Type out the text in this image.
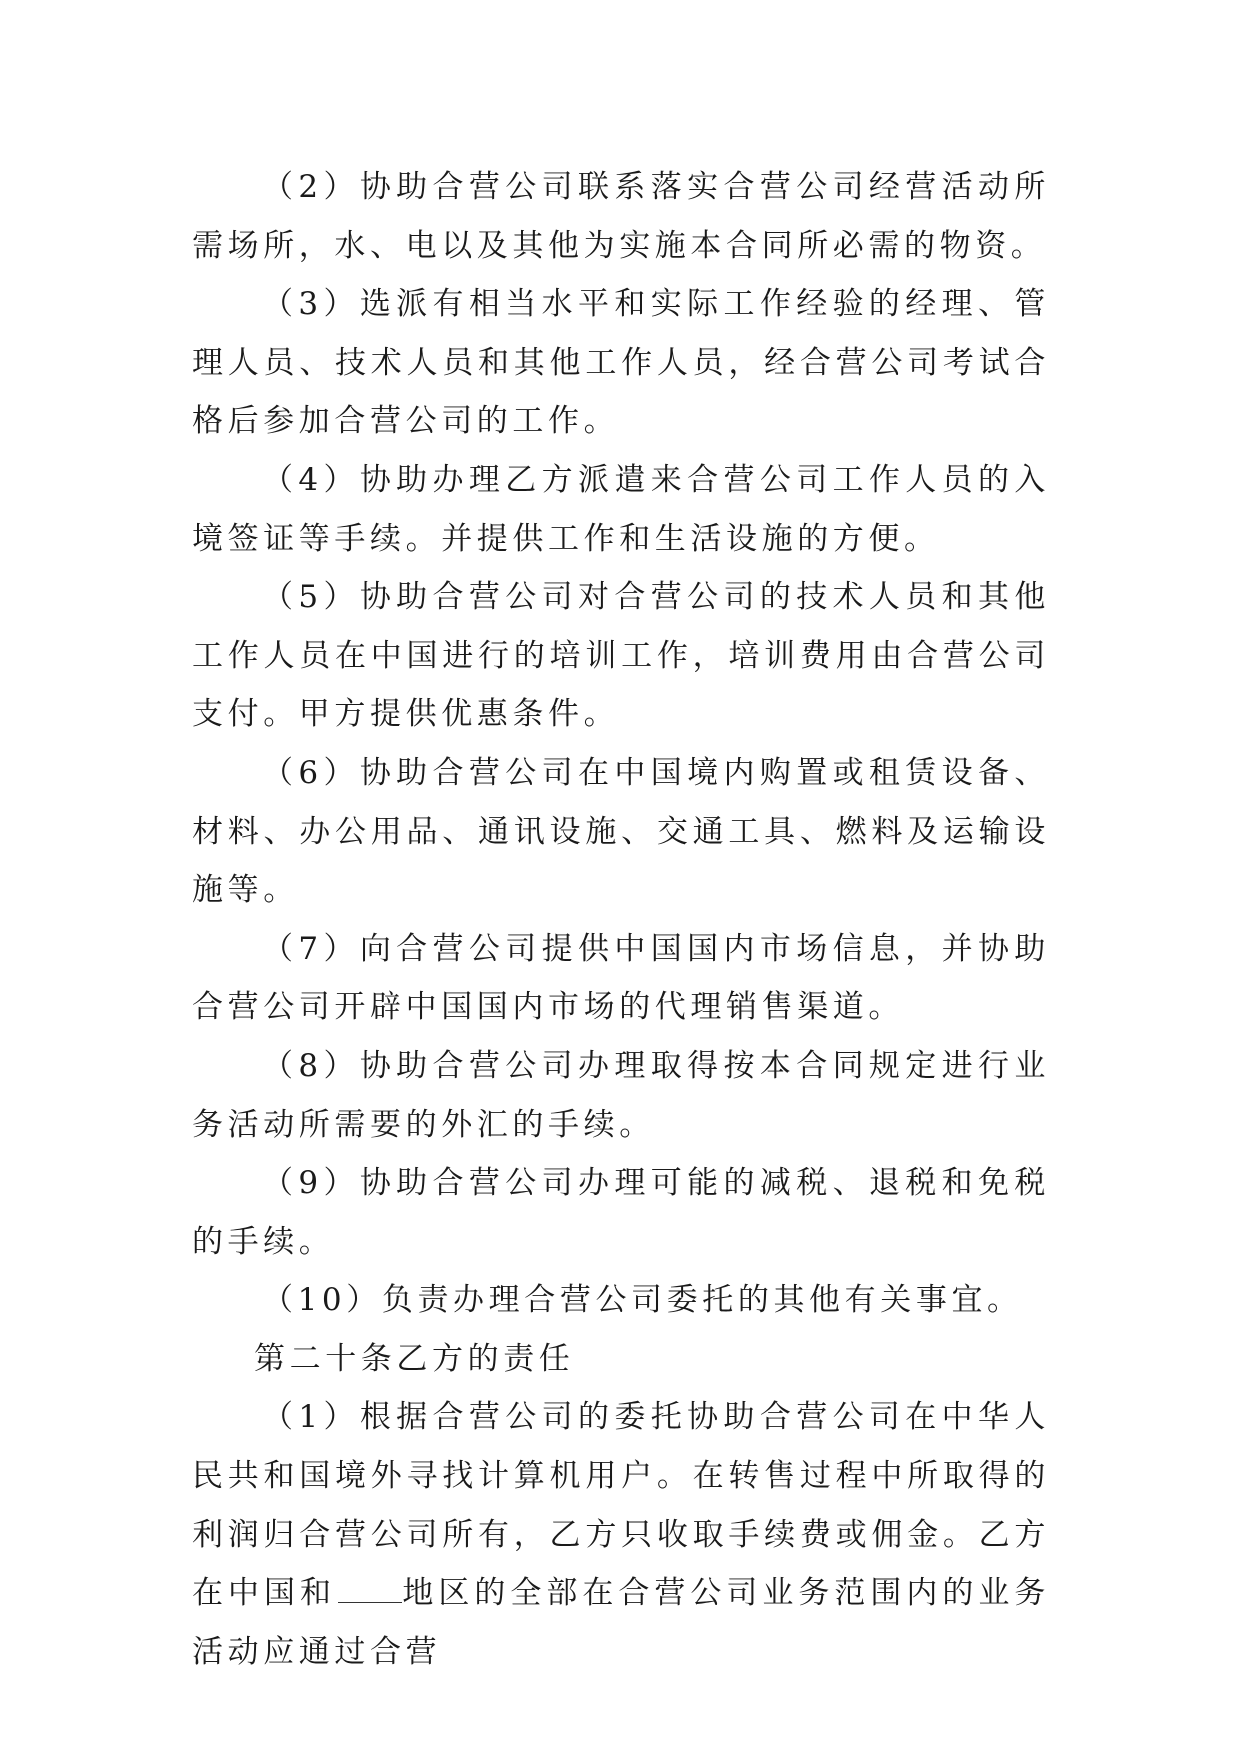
（2）协助合营公司联系落实合营公司经营活动所需场所，水、电以及其他为实施本合同所必需的物资。

（3）选派有相当水平和实际工作经验的经理、管理人员、技术人员和其他工作人员，经合营公司考试合格后参加合营公司的工作。

（4）协助办理乙方派遣来合营公司工作人员的入境签证等手续。并提供工作和生活设施的方便。

（5）协助合营公司对合营公司的技术人员和其他工作人员在中国进行的培训工作，培训费用由合营公司支付。甲方提供优惠条件。

（6）协助合营公司在中国境内购置或租赁设备、材料、办公用品、通讯设施、交通工具、燃料及运输设施等。

（7）向合营公司提供中国国内市场信息，并协助合营公司开辟中国国内市场的代理销售渠道。

（8）协助合营公司办理取得按本合同规定进行业务活动所需要的外汇的手续。

（9）协助合营公司办理可能的减税、退税和免税的手续。

（10）负责办理合营公司委托的其他有关事宜。

第二十条乙方的责任

（1）根据合营公司的委托协助合营公司在中华人民共和国境外寻找计算机用户。在转售过程中所取得的利润归合营公司所有，乙方只收取手续费或佣金。乙方在中国和 地区的全部在合营公司业务范围内的业务活动应通过合营
